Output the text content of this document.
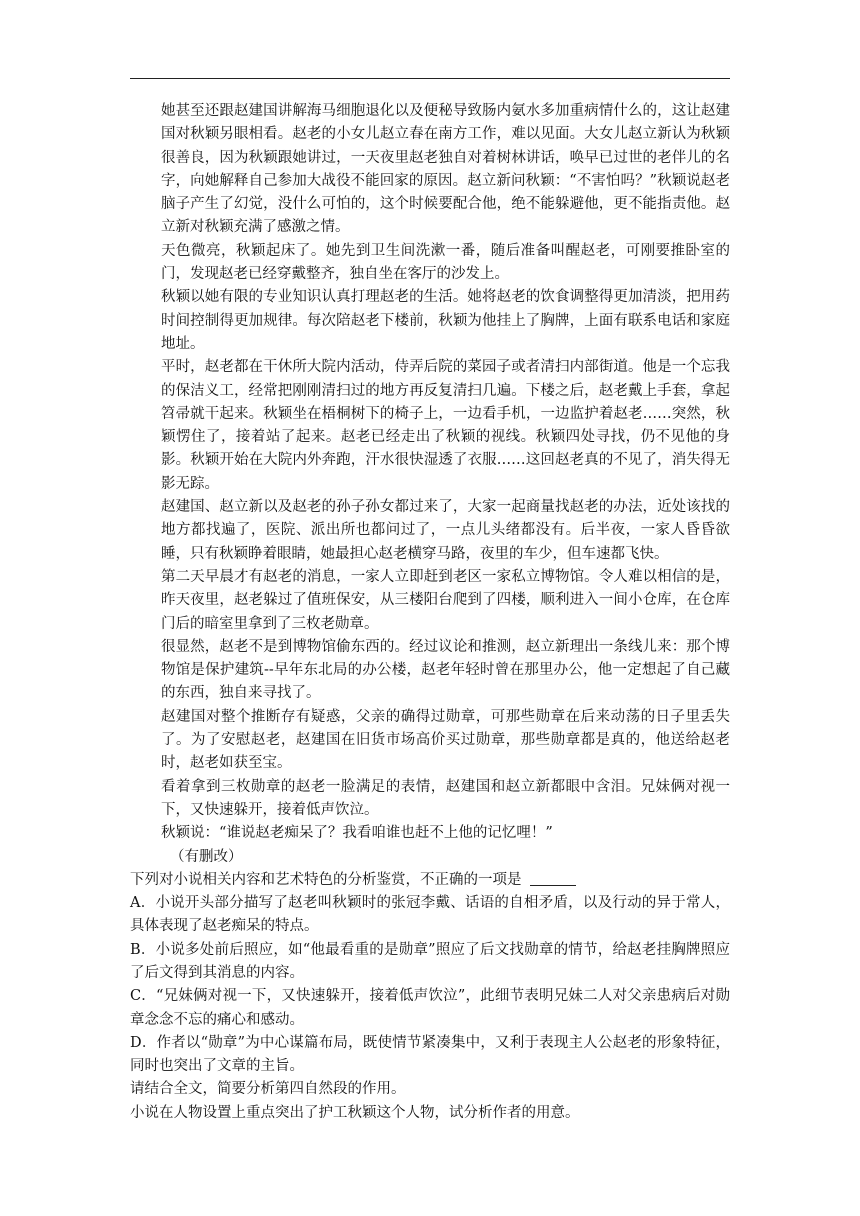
她甚至还跟赵建国讲解海马细胞退化以及便秘导致肠内氨水多加重病情什么的，这让赵建国对秋颖另眼相看。赵老的小女儿赵立春在南方工作，难以见面。大女儿赵立新认为秋颖很善良，因为秋颖跟她讲过，一天夜里赵老独自对着树林讲话，唤早已过世的老伴儿的名字，向她解释自己参加大战役不能回家的原因。赵立新问秋颖：“不害怕吗？”秋颖说赵老脑子产生了幻觉，没什么可怕的，这个时候要配合他，绝不能躲避他，更不能指责他。赵立新对秋颖充满了感激之情。

天色微亮，秋颖起床了。她先到卫生间洗漱一番，随后准备叫醒赵老，可刚要推卧室的门，发现赵老已经穿戴整齐，独自坐在客厅的沙发上。

秋颖以她有限的专业知识认真打理赵老的生活。她将赵老的饮食调整得更加清淡，把用药时间控制得更加规律。每次陪赵老下楼前，秋颖为他挂上了胸牌，上面有联系电话和家庭地址。

平时，赵老都在干休所大院内活动，侍弄后院的菜园子或者清扫内部街道。他是一个忘我的保洁义工，经常把刚刚清扫过的地方再反复清扫几遍。下楼之后，赵老戴上手套，拿起笤帚就干起来。秋颖坐在梧桐树下的椅子上，一边看手机，一边监护着赵老……突然，秋颖愣住了，接着站了起来。赵老已经走出了秋颖的视线。秋颖四处寻找，仍不见他的身影。秋颖开始在大院内外奔跑，汗水很快湿透了衣服……这回赵老真的不见了，消失得无影无踪。

赵建国、赵立新以及赵老的孙子孙女都过来了，大家一起商量找赵老的办法，近处该找的地方都找遍了，医院、派出所也都问过了，一点儿头绪都没有。后半夜，一家人昏昏欲睡，只有秋颖睁着眼睛，她最担心赵老横穿马路，夜里的车少，但车速都飞快。

第二天早晨才有赵老的消息，一家人立即赶到老区一家私立博物馆。令人难以相信的是，昨天夜里，赵老躲过了值班保安，从三楼阳台爬到了四楼，顺利进入一间小仓库，在仓库门后的暗室里拿到了三枚老勋章。

很显然，赵老不是到博物馆偷东西的。经过议论和推测，赵立新理出一条线儿来：那个博物馆是保护建筑--早年东北局的办公楼，赵老年轻时曾在那里办公，他一定想起了自己藏的东西，独自来寻找了。

赵建国对整个推断存有疑惑，父亲的确得过勋章，可那些勋章在后来动荡的日子里丢失了。为了安慰赵老，赵建国在旧货市场高价买过勋章，那些勋章都是真的，他送给赵老时，赵老如获至宝。

看着拿到三枚勋章的赵老一脸满足的表情，赵建国和赵立新都眼中含泪。兄妹俩对视一下，又快速躲开，接着低声饮泣。

秋颖说：“谁说赵老痴呆了？我看咱谁也赶不上他的记忆哩！”

（有删改）

下列对小说相关内容和艺术特色的分析鉴赏，不正确的一项是

A．小说开头部分描写了赵老叫秋颖时的张冠李戴、话语的自相矛盾，以及行动的异于常人，具体表现了赵老痴呆的特点。

B．小说多处前后照应，如“他最看重的是勋章”照应了后文找勋章的情节，给赵老挂胸牌照应了后文得到其消息的内容。

C．“兄妹俩对视一下，又快速躲开，接着低声饮泣”，此细节表明兄妹二人对父亲患病后对勋章念念不忘的痛心和感动。

D．作者以“勋章”为中心谋篇布局，既使情节紧凑集中，又利于表现主人公赵老的形象特征，同时也突出了文章的主旨。

请结合全文，简要分析第四自然段的作用。

小说在人物设置上重点突出了护工秋颖这个人物，试分析作者的用意。
